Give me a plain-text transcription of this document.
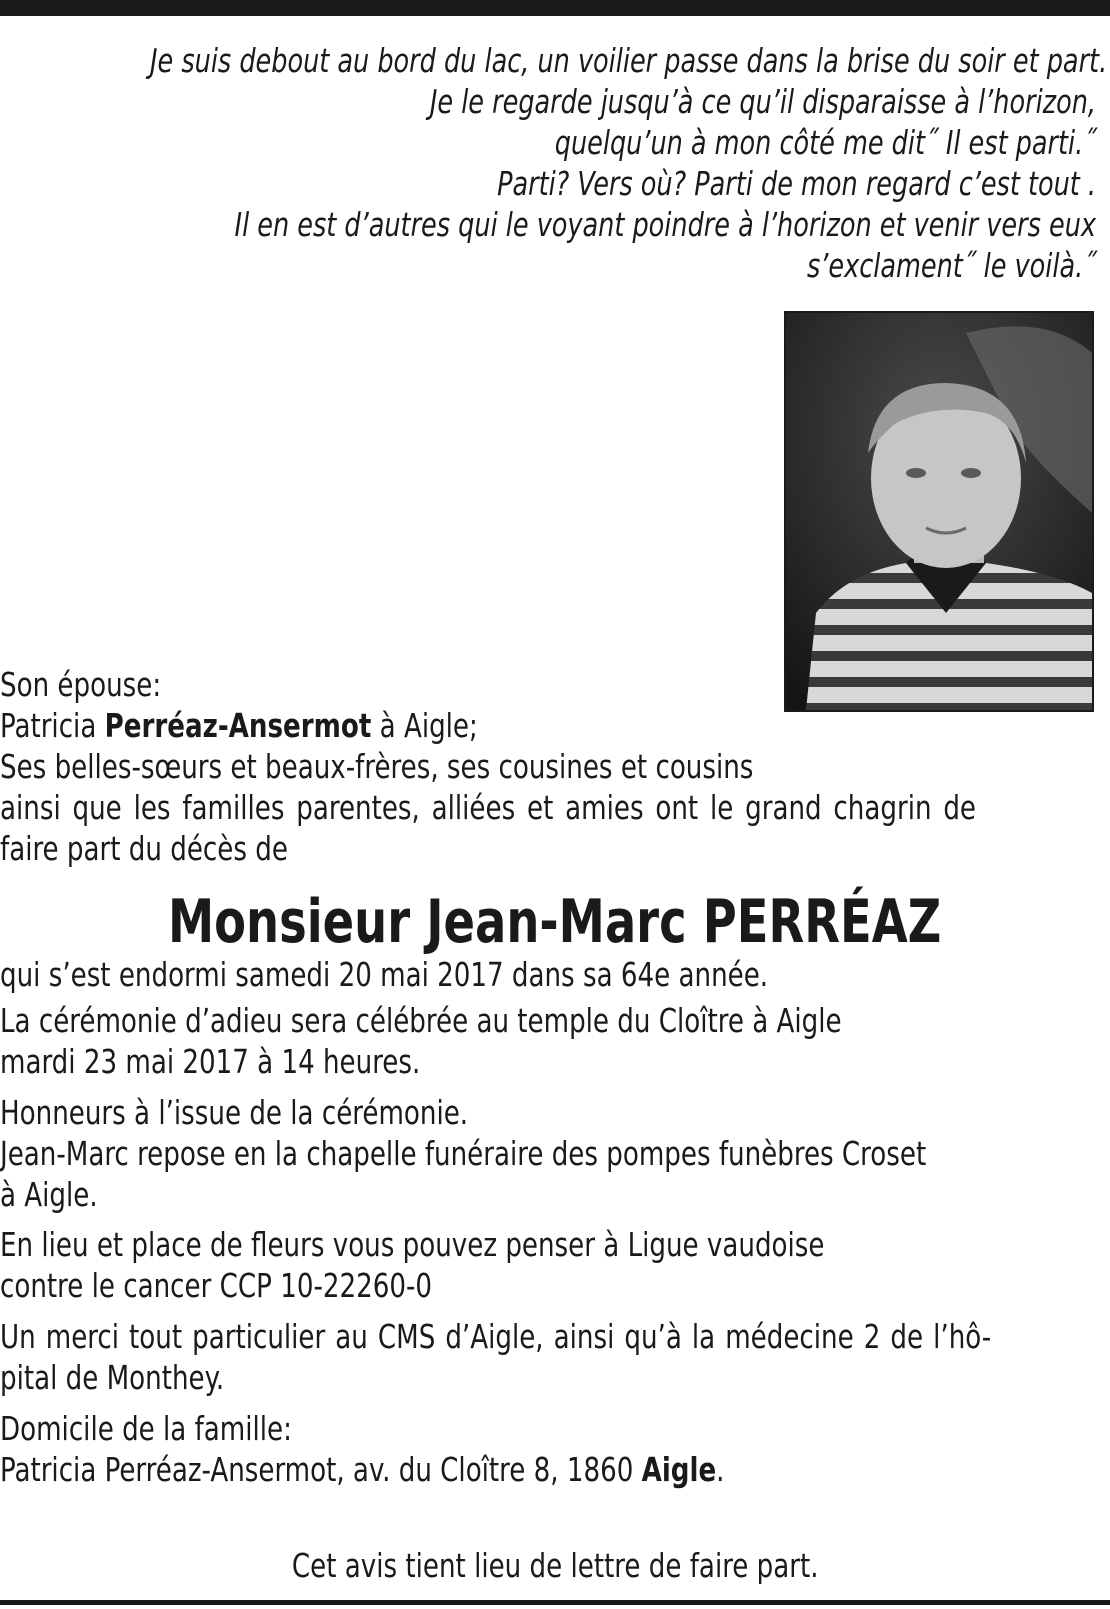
Je suis debout au bord du lac, un voilier passe dans la brise du soir et part.
Je le regarde jusqu’à ce qu’il disparaisse à l’horizon,
quelqu’un à mon côté me dit˝ Il est parti.˝
Parti? Vers où? Parti de mon regard c’est tout .
Il en est d’autres qui le voyant poindre à l’horizon et venir vers eux
s’exclament˝ le voilà.˝
Son épouse:
Patricia Perréaz-Ansermot à Aigle;
Ses belles-sœurs et beaux-frères, ses cousines et cousins
ainsi que les familles parentes, alliées et amies ont le grand chagrin de
faire part du décès de
Monsieur Jean-Marc PERRÉAZ
qui s’est endormi samedi 20 mai 2017 dans sa 64e année.
La cérémonie d’adieu sera célébrée au temple du Cloître à Aigle
mardi 23 mai 2017 à 14 heures.
Honneurs à l’issue de la cérémonie.
Jean-Marc repose en la chapelle funéraire des pompes funèbres Croset
à Aigle.
En lieu et place de fleurs vous pouvez penser à Ligue vaudoise
contre le cancer CCP 10-22260-0
Un merci tout particulier au CMS d’Aigle, ainsi qu’à la médecine 2 de l’hô-
pital de Monthey.
Domicile de la famille:
Patricia Perréaz-Ansermot, av. du Cloître 8, 1860 Aigle.
Cet avis tient lieu de lettre de faire part.
